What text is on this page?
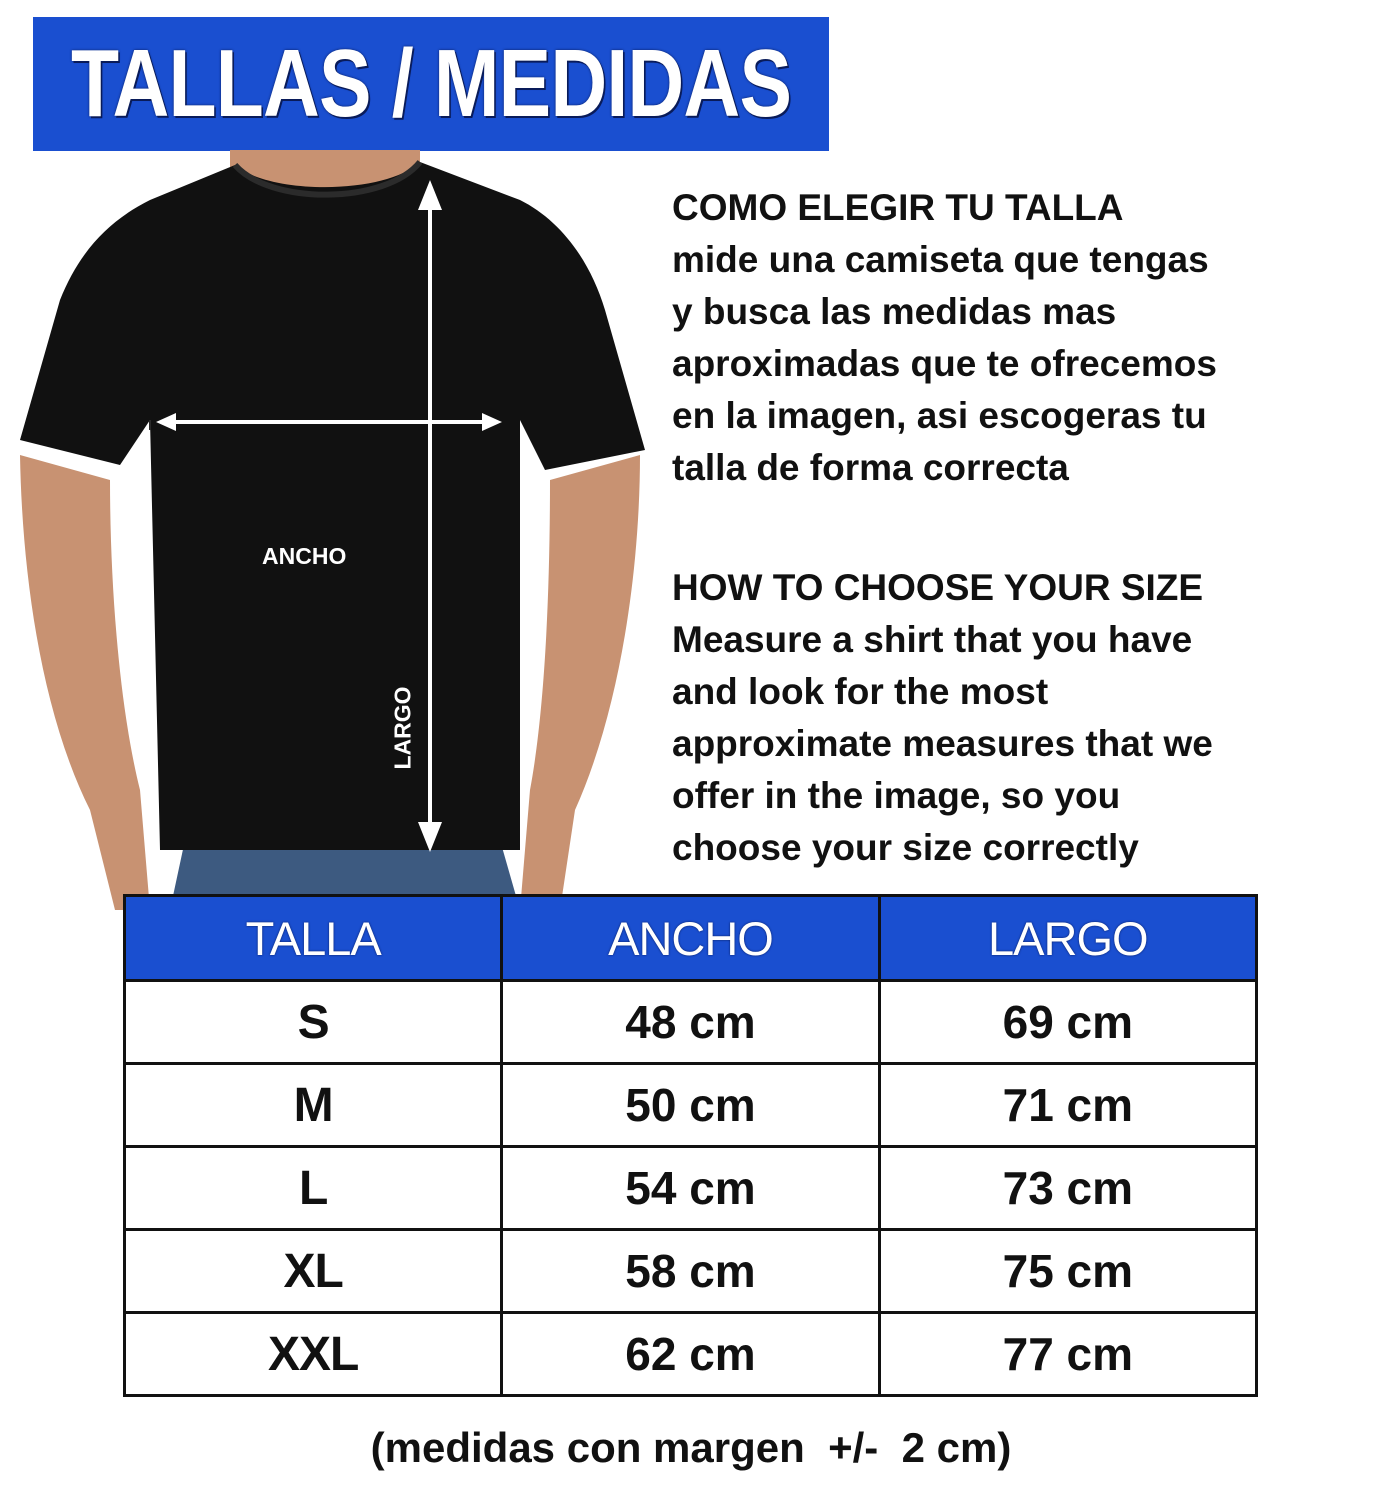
TALLAS / MEDIDAS
ANCHO
LARGO

COMO ELEGIR TU TALLA

mide una camiseta que tengas

y busca las medidas mas

aproximadas que te ofrecemos

en la imagen, asi escogeras tu

talla de forma correcta

HOW TO CHOOSE YOUR SIZE

Measure a shirt that you have

and look for the most

approximate measures that we

offer in the image, so you

choose your size correctly

TALLA	ANCHO	LARGO
S	48 cm	69 cm
M	50 cm	71 cm
L	54 cm	73 cm
XL	58 cm	75 cm
XXL	62 cm	77 cm
(medidas con margen  +/-  2 cm)
